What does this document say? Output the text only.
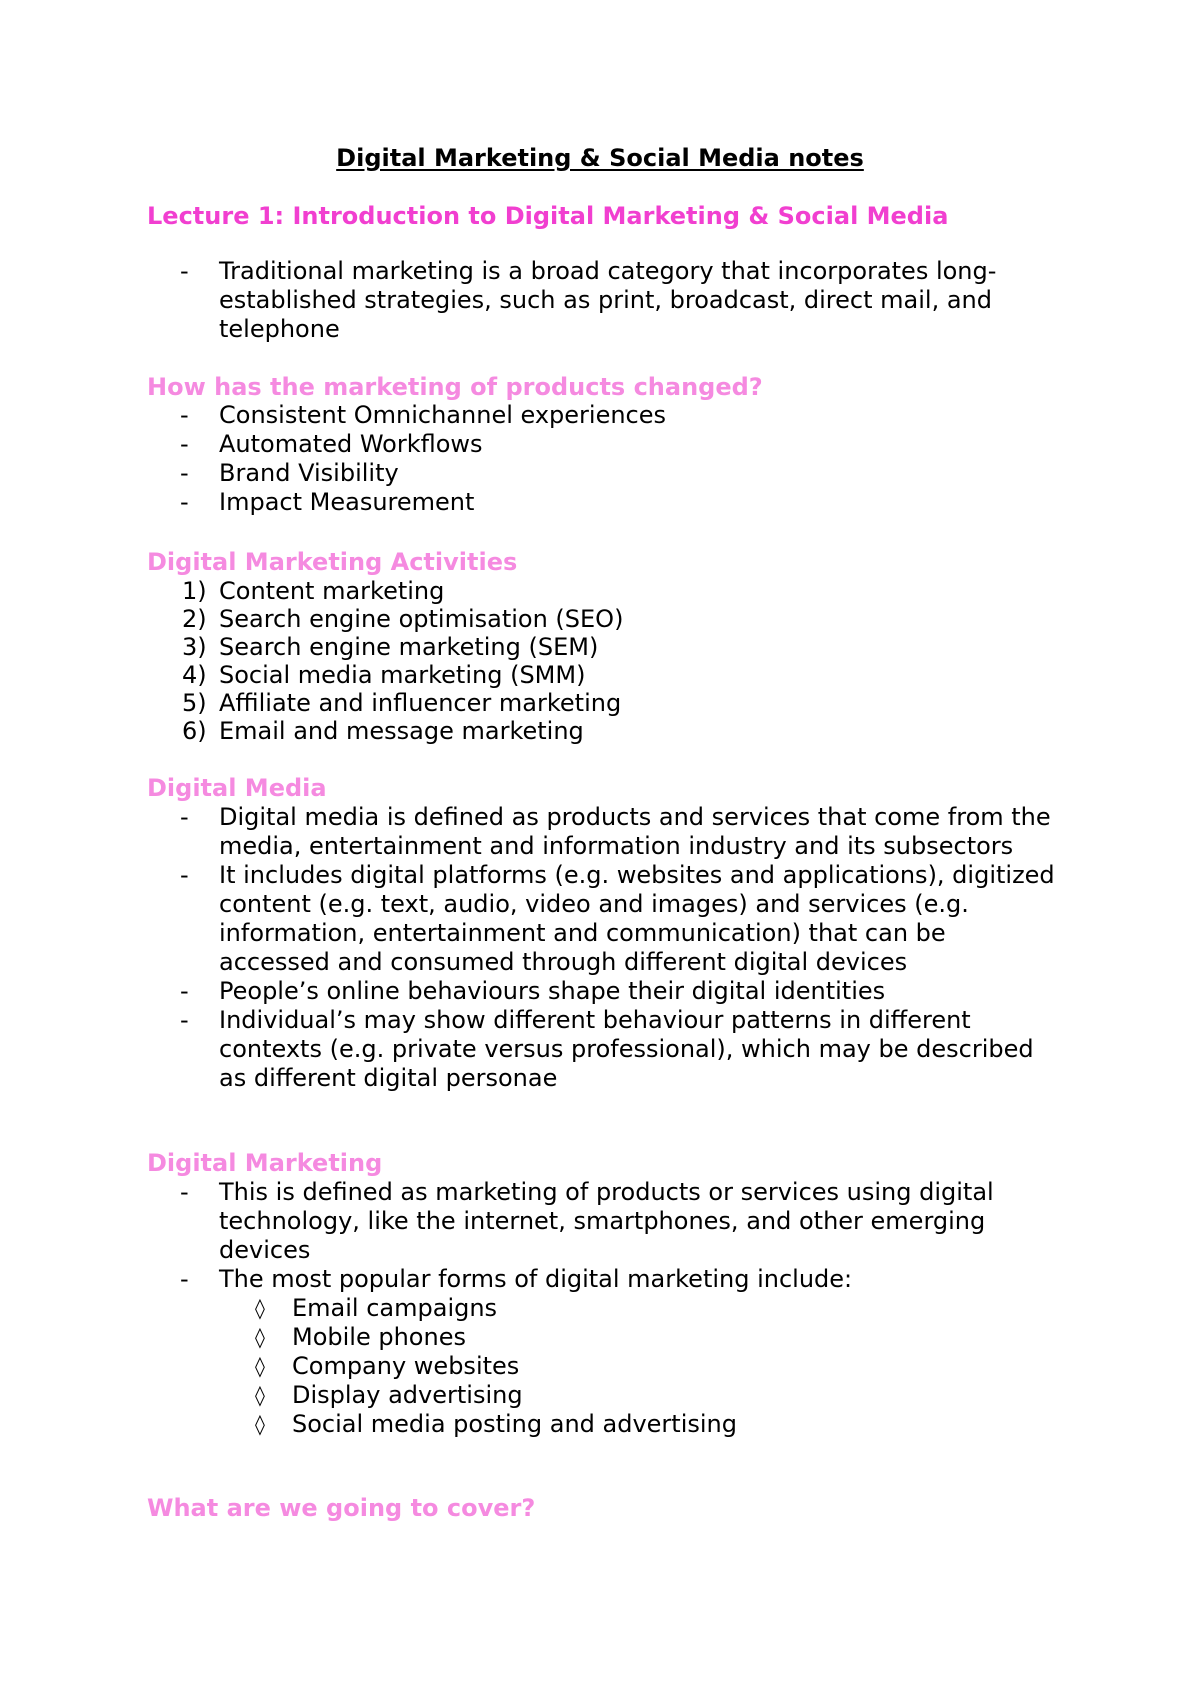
Digital Marketing & Social Media notes
Lecture 1: Introduction to Digital Marketing & Social Media
- Traditional marketing is a broad category that incorporates long-established strategies, such as print, broadcast, direct mail, and telephone
How has the marketing of products changed?
- Consistent Omnichannel experiences
- Automated Workflows
- Brand Visibility
- Impact Measurement
Digital Marketing Activities
1) Content marketing
2) Search engine optimisation (SEO)
3) Search engine marketing (SEM)
4) Social media marketing (SMM)
5) Affiliate and influencer marketing
6) Email and message marketing
Digital Media
- Digital media is defined as products and services that come from the media, entertainment and information industry and its subsectors
- It includes digital platforms (e.g. websites and applications), digitized content (e.g. text, audio, video and images) and services (e.g. information, entertainment and communication) that can be accessed and consumed through different digital devices
- People’s online behaviours shape their digital identities
- Individual’s may show different behaviour patterns in different contexts (e.g. private versus professional), which may be described as different digital personae
Digital Marketing
- This is defined as marketing of products or services using digital technology, like the internet, smartphones, and other emerging devices
- The most popular forms of digital marketing include:
◊ Email campaigns
◊ Mobile phones
◊ Company websites
◊ Display advertising
◊ Social media posting and advertising
What are we going to cover?
